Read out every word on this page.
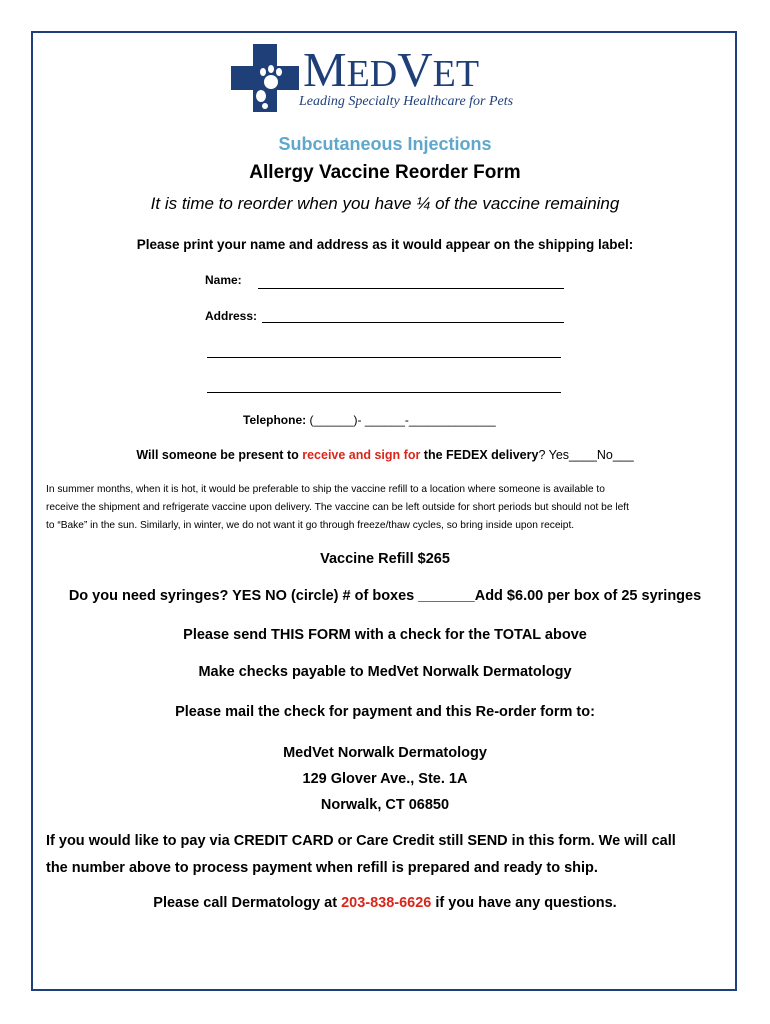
MEDVET
Leading Specialty Healthcare for Pets
Subcutaneous Injections
Allergy Vaccine Reorder Form
It is time to reorder when you have ¼ of the vaccine remaining
Please print your name and address as it would appear on the shipping label:
Name:
Address:
Telephone: (______)- ______-_____________
Will someone be present to receive and sign for the FEDEX delivery? Yes____No___

In summer months, when it is hot, it would be preferable to ship the vaccine refill to a location where someone is available to

receive the shipment and refrigerate vaccine upon delivery. The vaccine can be left outside for short periods but should not be left

to “Bake” in the sun. Similarly, in winter, we do not want it go through freeze/thaw cycles, so bring inside upon receipt.

Vaccine Refill $265
Do you need syringes? YES NO (circle) # of boxes _______Add $6.00 per box of 25 syringes
Please send THIS FORM with a check for the TOTAL above
Make checks payable to MedVet Norwalk Dermatology
Please mail the check for payment and this Re-order form to:
MedVet Norwalk Dermatology
129 Glover Ave., Ste. 1A
Norwalk, CT 06850

If you would like to pay via CREDIT CARD or Care Credit still SEND in this form. We will call

the number above to process payment when refill is prepared and ready to ship.

Please call Dermatology at 203-838-6626 if you have any questions.
